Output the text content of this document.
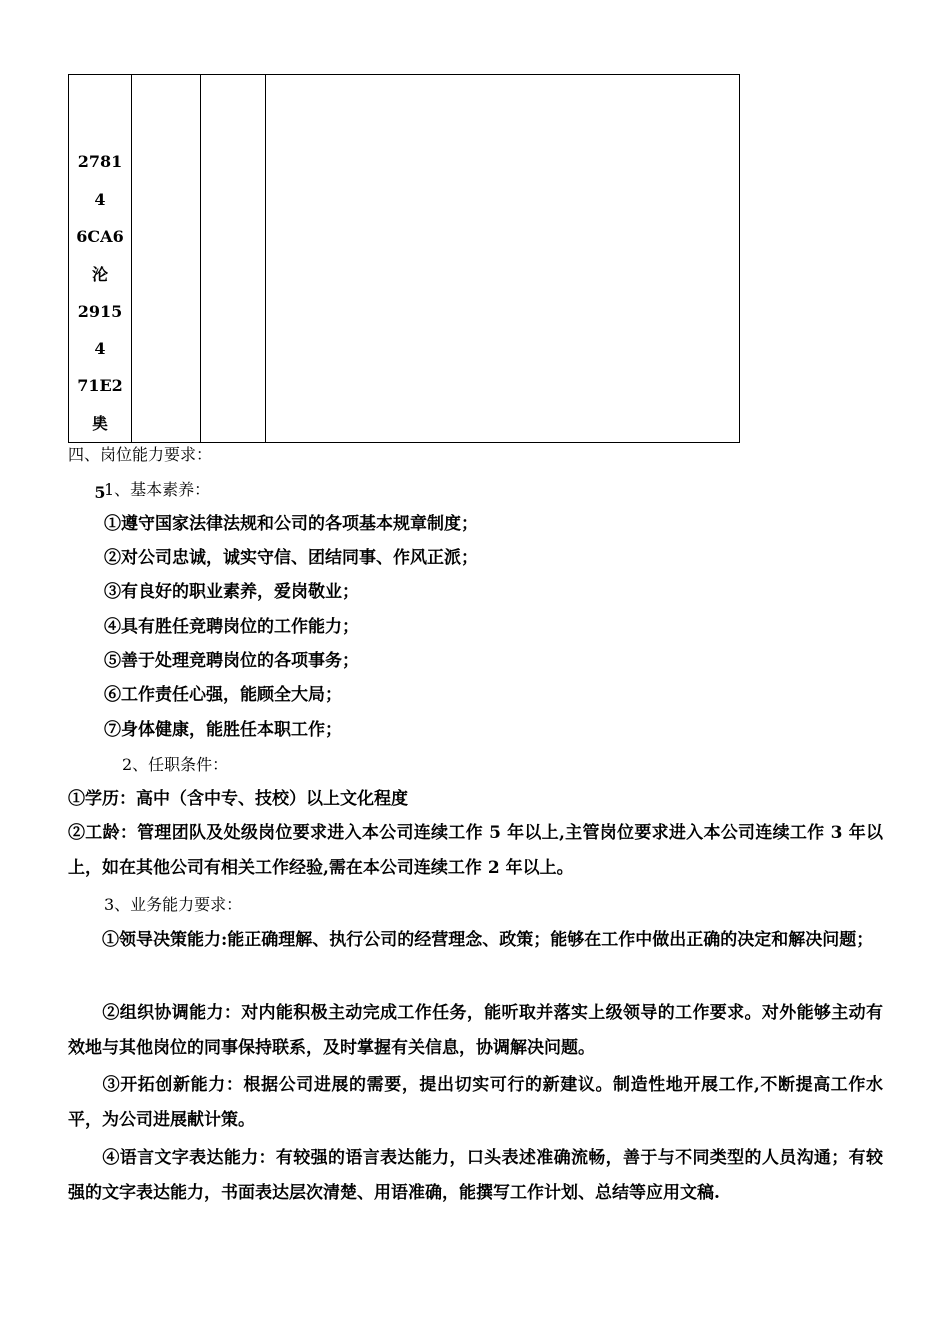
2781
4
6CA6
沦
2915
4
71E2
奊
5

四、岗位能力要求：
1、基本素养：
①遵守国家法律法规和公司的各项基本规章制度；
②对公司忠诚，诚实守信、团结同事、作风正派；
③有良好的职业素养，爱岗敬业；
④具有胜任竞聘岗位的工作能力；
⑤善于处理竞聘岗位的各项事务；
⑥工作责任心强，能顾全大局；
⑦身体健康，能胜任本职工作；
2、任职条件：
①学历：高中（含中专、技校）以上文化程度
②工龄：管理团队及处级岗位要求进入本公司连续工作 5 年以上,主管岗位要求进入本公司连续工作 3 年以上，如在其他公司有相关工作经验,需在本公司连续工作 2 年以上。
3、业务能力要求：
①领导决策能力:能正确理解、执行公司的经营理念、政策；能够在工作中做出正确的决定和解决问题；
②组织协调能力：对内能积极主动完成工作任务，能听取并落实上级领导的工作要求。对外能够主动有效地与其他岗位的同事保持联系，及时掌握有关信息，协调解决问题。
③开拓创新能力：根据公司进展的需要，提出切实可行的新建议。制造性地开展工作,不断提高工作水平，为公司进展献计策。
④语言文字表达能力：有较强的语言表达能力，口头表述准确流畅，善于与不同类型的人员沟通；有较强的文字表达能力，书面表达层次清楚、用语准确，能撰写工作计划、总结等应用文稿.
